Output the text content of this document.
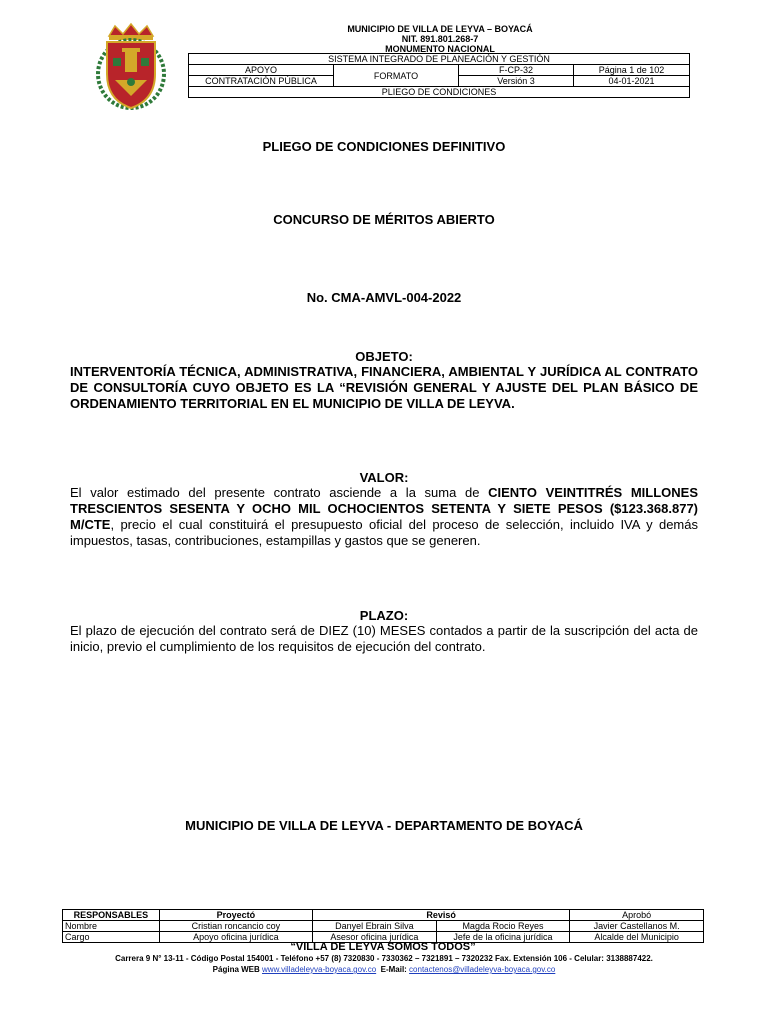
MUNICIPIO DE VILLA DE LEYVA – BOYACÁ
NIT. 891.801.268-7
MONUMENTO NACIONAL
SISTEMA INTEGRADO DE PLANEACIÓN Y GESTIÓN			
APOYO	FORMATO	F-CP-32	Página 1 de 102
CONTRATACIÓN PÚBLICA		Versión 3	04-01-2021

PLIEGO DE CONDICIONES			
PLIEGO DE CONDICIONES DEFINITIVO
CONCURSO DE MÉRITOS ABIERTO
No. CMA-AMVL-004-2022
OBJETO:
INTERVENTORÍA TÉCNICA, ADMINISTRATIVA, FINANCIERA, AMBIENTAL Y JURÍDICA AL CONTRATO DE CONSULTORÍA CUYO OBJETO ES LA “REVISIÓN GENERAL Y AJUSTE DEL PLAN BÁSICO DE ORDENAMIENTO TERRITORIAL EN EL MUNICIPIO DE VILLA DE LEYVA.
VALOR:
El valor estimado del presente contrato asciende a la suma de CIENTO VEINTITRÉS MILLONES TRESCIENTOS SESENTA Y OCHO MIL OCHOCIENTOS SETENTA Y SIETE PESOS ($123.368.877) M/CTE, precio el cual constituirá el presupuesto oficial del proceso de selección, incluido IVA y demás impuestos, tasas, contribuciones, estampillas y gastos que se generen.
PLAZO:
El plazo de ejecución del contrato será de DIEZ (10) MESES contados a partir de la suscripción del acta de inicio, previo el cumplimiento de los requisitos de ejecución del contrato.
MUNICIPIO DE VILLA DE LEYVA - DEPARTAMENTO DE BOYACÁ
RESPONSABLES	Proyectó	Revisó		Aprobó
Nombre	Cristian roncancio coy	Danyel Ebrain Silva	Magda Rocio Reyes	Javier Castellanos M.
Cargo	Apoyo oficina jurídica	Asesor oficina jurídica	Jefe de la oficina jurídica	Alcalde del Municipio
“VILLA DE LEYVA SOMOS TODOS”
Carrera 9 N° 13-11 - Código Postal 154001 - Teléfono +57 (8) 7320830 - 7330362 – 7321891 – 7320232 Fax. Extensión 106 - Celular: 3138887422.
Página WEB www.villadeleyva-boyaca.gov.co  E-Mail: contactenos@villadeleyva-boyaca.gov.co
